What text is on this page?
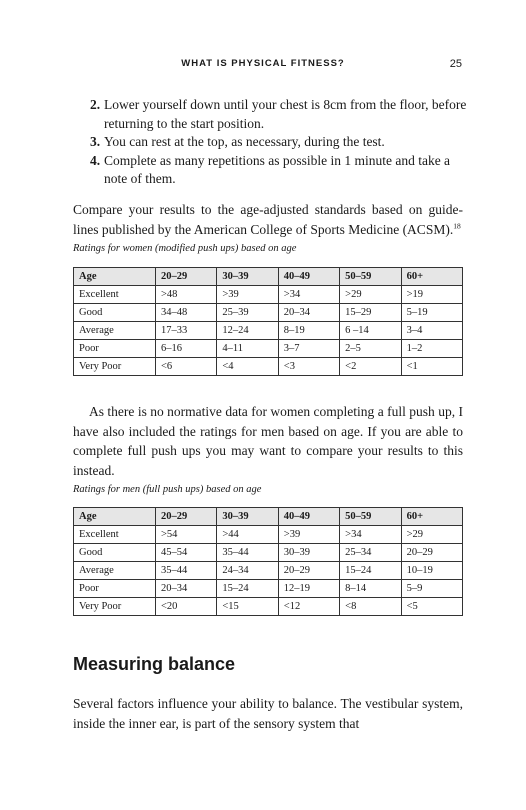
WHAT IS PHYSICAL FITNESS?	25
2. Lower yourself down until your chest is 8cm from the floor, before returning to the start position.
3. You can rest at the top, as necessary, during the test.
4. Complete as many repetitions as possible in 1 minute and take a note of them.

Compare your results to the age-adjusted standards based on guide-lines published by the American College of Sports Medicine (ACSM).$^{18}$

Ratings for women (modified push ups) based on age

Age	20–29	30–39	40–49	50–59	60+
Excellent	>48	>39	>34	>29	>19
Good	34–48	25–39	20–34	15–29	5–19
Average	17–33	12–24	8–19	6 –14	3–4
Poor	6–16	4–11	3–7	2–5	1–2
Very Poor	<6	<4	<3	<2	<1

As there is no normative data for women completing a full push up, I have also included the ratings for men based on age. If you are able to complete full push ups you may want to compare your results to this instead.

Ratings for men (full push ups) based on age

Age	20–29	30–39	40–49	50–59	60+
Excellent	>54	>44	>39	>34	>29
Good	45–54	35–44	30–39	25–34	20–29
Average	35–44	24–34	20–29	15–24	10–19
Poor	20–34	15–24	12–19	8–14	5–9
Very Poor	<20	<15	<12	<8	<5
Measuring balance

Several factors influence your ability to balance. The vestibular system, inside the inner ear, is part of the sensory system that
